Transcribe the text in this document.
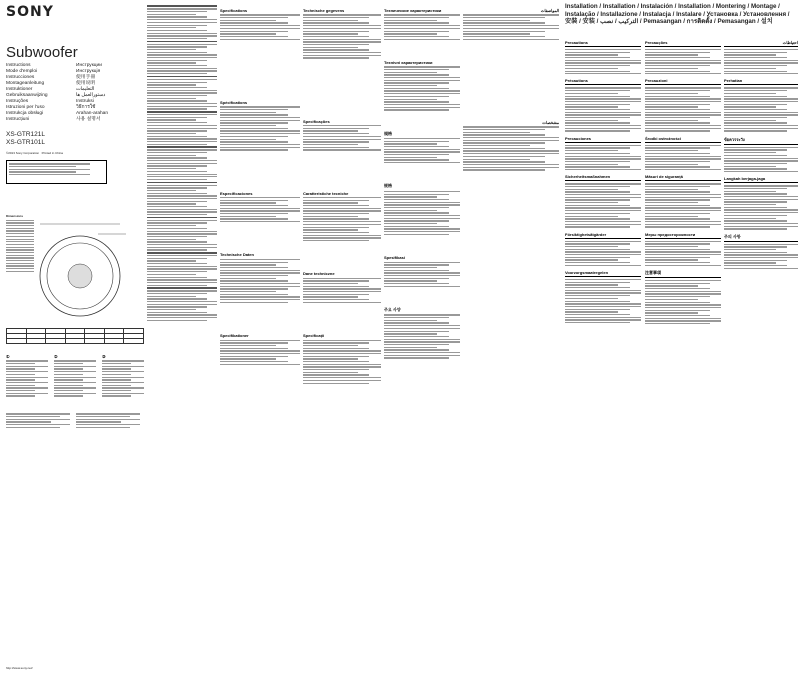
SONY
Subwoofer
Instructions
Mode d'emploi
Instrucciones
Montageanleitung
Instruktioner
Gebruiksaanwijzing
Instruções
Istruzioni per l'uso
Instrukcja obsługi
Instrucțiuni
Инструкции
Инструкція
使用手冊
使用说明
التعليمات
دستورالعمل ها
Instruksi
วิธีการใช้
Arahan-arahan
사용 설명서
XS-GTR121L
XS-GTR101L
©2013 Sony Corporation Printed in China
Dimensions

①	②	③
http://www.sony.net/
Specifications
Spécifications
Especificaciones
Technische Daten
Specifikationer
Technische gegevens
Specificações
Caratteristiche tecniche
Dane techniczne
Specificații
Технические характеристики
Технічні характеристики
規格
规格
Spesifikasi
주요 사양
ﺍﻟﻤﻮﺍﺻﻔﺎﺕ
ﻣﺸﺨﺼﺎﺕ
Installation / Installation / Instalación / Installation / Montering / Montage / Instalação / Installazione / Instalacja / Instalare / Установка / Установлення / 安裝 / 安装 / ﺍﻟﺘﺮﻛﻴﺐ / ﻧﺼﺐ / Pemasangan / การติดตั้ง / Pemasangan / 설치
Precautions
Précautions
Precauciones
Sicherheitsmaßnahmen
Försiktighetsåtgärder
Voorzorgsmaatregelen
Precauções
Precauzioni
Środki ostrożności
Măsuri de siguranță
Меры предосторожности
注意事項
ﺍﺣﺘﻴﺎﻃﺎﺕ
Perhatian
ข้อควรระวัง
Langkah berjaga-jaga
주의 사항
